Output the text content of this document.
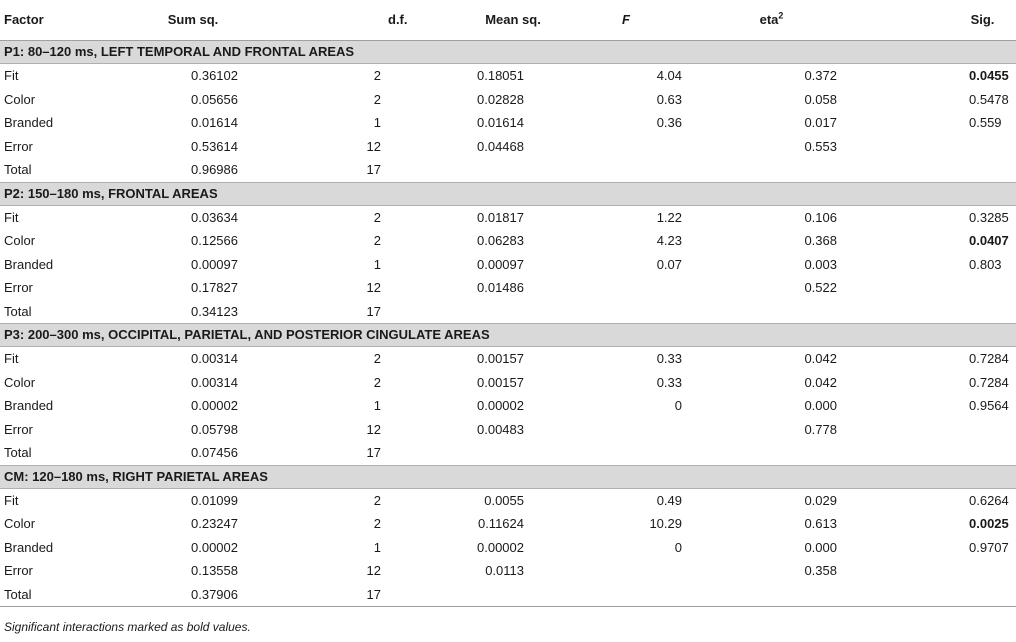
Factor	Sum sq.	d.f.	Mean sq.	F	eta$^2$	Sig.
P1: 80–120 ms, LEFT TEMPORAL AND FRONTAL AREAS						
Fit	0.36102	2	0.18051	4.04	0.372	0.0455
Color	0.05656	2	0.02828	0.63	0.058	0.5478
Branded	0.01614	1	0.01614	0.36	0.017	0.559
Error	0.53614	12	0.04468		0.553	
Total	0.96986	17				
P2: 150–180 ms, FRONTAL AREAS						
Fit	0.03634	2	0.01817	1.22	0.106	0.3285
Color	0.12566	2	0.06283	4.23	0.368	0.0407
Branded	0.00097	1	0.00097	0.07	0.003	0.803
Error	0.17827	12	0.01486		0.522	
Total	0.34123	17				
P3: 200–300 ms, OCCIPITAL, PARIETAL, AND POSTERIOR CINGULATE AREAS						
Fit	0.00314	2	0.00157	0.33	0.042	0.7284
Color	0.00314	2	0.00157	0.33	0.042	0.7284
Branded	0.00002	1	0.00002	0	0.000	0.9564
Error	0.05798	12	0.00483		0.778	
Total	0.07456	17				
CM: 120–180 ms, RIGHT PARIETAL AREAS						
Fit	0.01099	2	0.0055	0.49	0.029	0.6264
Color	0.23247	2	0.11624	10.29	0.613	0.0025
Branded	0.00002	1	0.00002	0	0.000	0.9707
Error	0.13558	12	0.0113		0.358	
Total	0.37906	17				
Significant interactions marked as bold values.
